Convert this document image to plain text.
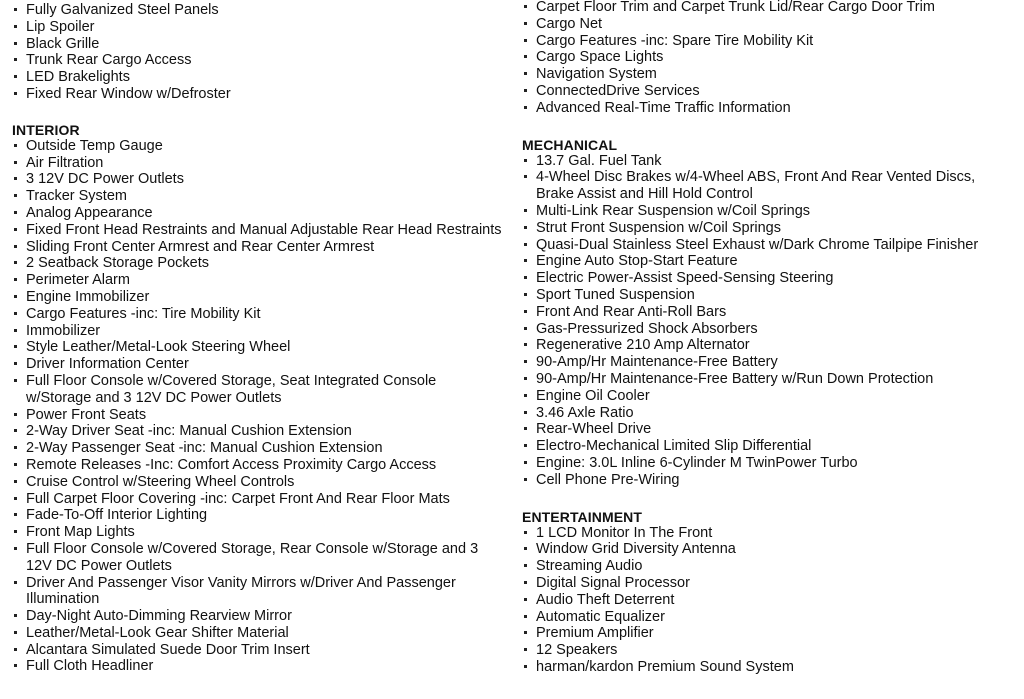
Fully Galvanized Steel Panels
Lip Spoiler
Black Grille
Trunk Rear Cargo Access
LED Brakelights
Fixed Rear Window w/Defroster
INTERIOR
Outside Temp Gauge
Air Filtration
3 12V DC Power Outlets
Tracker System
Analog Appearance
Fixed Front Head Restraints and Manual Adjustable Rear Head Restraints
Sliding Front Center Armrest and Rear Center Armrest
2 Seatback Storage Pockets
Perimeter Alarm
Engine Immobilizer
Cargo Features -inc: Tire Mobility Kit
Immobilizer
Style Leather/Metal-Look Steering Wheel
Driver Information Center
Full Floor Console w/Covered Storage, Seat Integrated Console w/Storage and 3 12V DC Power Outlets
Power Front Seats
2-Way Driver Seat -inc: Manual Cushion Extension
2-Way Passenger Seat -inc: Manual Cushion Extension
Remote Releases -Inc: Comfort Access Proximity Cargo Access
Cruise Control w/Steering Wheel Controls
Full Carpet Floor Covering -inc: Carpet Front And Rear Floor Mats
Fade-To-Off Interior Lighting
Front Map Lights
Full Floor Console w/Covered Storage, Rear Console w/Storage and 3 12V DC Power Outlets
Driver And Passenger Visor Vanity Mirrors w/Driver And Passenger Illumination
Day-Night Auto-Dimming Rearview Mirror
Leather/Metal-Look Gear Shifter Material
Alcantara Simulated Suede Door Trim Insert
Full Cloth Headliner
Carpet Floor Trim and Carpet Trunk Lid/Rear Cargo Door Trim
Cargo Net
Cargo Features -inc: Spare Tire Mobility Kit
Cargo Space Lights
Navigation System
ConnectedDrive Services
Advanced Real-Time Traffic Information
MECHANICAL
13.7 Gal. Fuel Tank
4-Wheel Disc Brakes w/4-Wheel ABS, Front And Rear Vented Discs, Brake Assist and Hill Hold Control
Multi-Link Rear Suspension w/Coil Springs
Strut Front Suspension w/Coil Springs
Quasi-Dual Stainless Steel Exhaust w/Dark Chrome Tailpipe Finisher
Engine Auto Stop-Start Feature
Electric Power-Assist Speed-Sensing Steering
Sport Tuned Suspension
Front And Rear Anti-Roll Bars
Gas-Pressurized Shock Absorbers
Regenerative 210 Amp Alternator
90-Amp/Hr Maintenance-Free Battery
90-Amp/Hr Maintenance-Free Battery w/Run Down Protection
Engine Oil Cooler
3.46 Axle Ratio
Rear-Wheel Drive
Electro-Mechanical Limited Slip Differential
Engine: 3.0L Inline 6-Cylinder M TwinPower Turbo
Cell Phone Pre-Wiring
ENTERTAINMENT
1 LCD Monitor In The Front
Window Grid Diversity Antenna
Streaming Audio
Digital Signal Processor
Audio Theft Deterrent
Automatic Equalizer
Premium Amplifier
12 Speakers
harman/kardon Premium Sound System
